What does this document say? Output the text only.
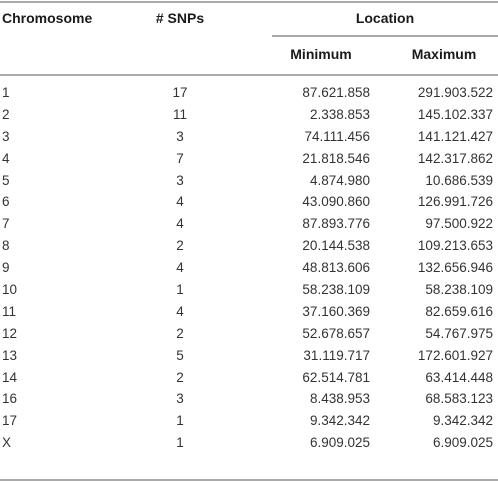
Chromosome	# SNPs	Location
Minimum	Maximum
1	17	87.621.858	291.903.522
2	11	2.338.853	145.102.337
3	3	74.111.456	141.121.427
4	7	21.818.546	142.317.862
5	3	4.874.980	10.686.539
6	4	43.090.860	126.991.726
7	4	87.893.776	97.500.922
8	2	20.144.538	109.213.653
9	4	48.813.606	132.656.946
10	1	58.238.109	58.238.109
11	4	37.160.369	82.659.616
12	2	52.678.657	54.767.975
13	5	31.119.717	172.601.927
14	2	62.514.781	63.414.448
16	3	8.438.953	68.583.123
17	1	9.342.342	9.342.342
X	1	6.909.025	6.909.025
